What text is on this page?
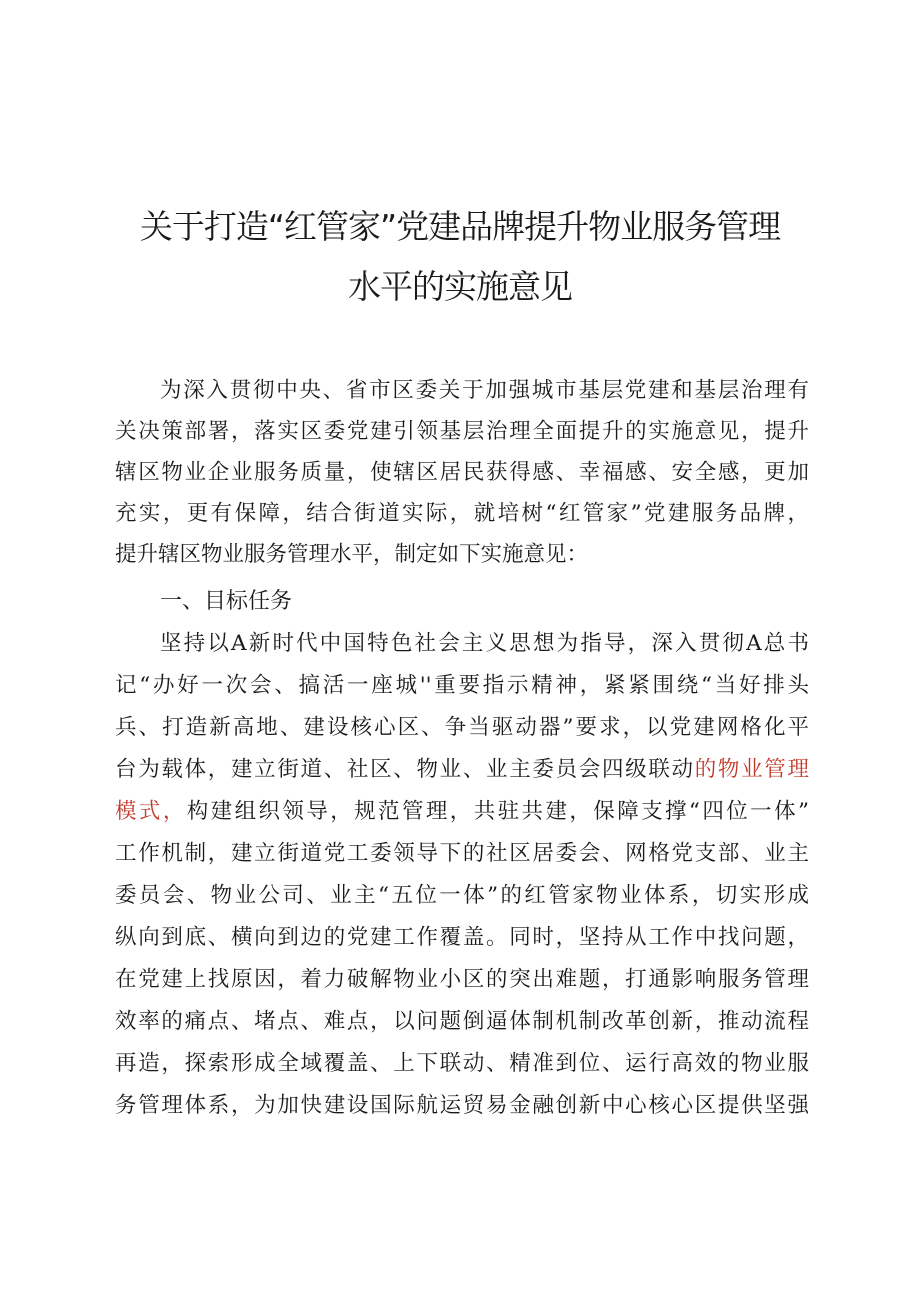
关于打造“红管家”党建品牌提升物业服务管理
水平的实施意见
为深入贯彻中央、省市区委关于加强城市基层党建和基层治理有
关决策部署，落实区委党建引领基层治理全面提升的实施意见，提升
辖区物业企业服务质量，使辖区居民获得感、幸福感、安全感，更加
充实，更有保障，结合街道实际，就培树“红管家”党建服务品牌，
提升辖区物业服务管理水平，制定如下实施意见：
一、目标任务
坚持以A新时代中国特色社会主义思想为指导，深入贯彻A总书
记“办好一次会、搞活一座城''重要指示精神，紧紧围绕“当好排头
兵、打造新高地、建设核心区、争当驱动器”要求，以党建网格化平
台为载体，建立街道、社区、物业、业主委员会四级联动的物业管理
模式，构建组织领导，规范管理，共驻共建，保障支撑“四位一体”
工作机制，建立街道党工委领导下的社区居委会、网格党支部、业主
委员会、物业公司、业主“五位一体”的红管家物业体系，切实形成
纵向到底、横向到边的党建工作覆盖。同时，坚持从工作中找问题，
在党建上找原因，着力破解物业小区的突出难题，打通影响服务管理
效率的痛点、堵点、难点，以问题倒逼体制机制改革创新，推动流程
再造，探索形成全域覆盖、上下联动、精准到位、运行高效的物业服
务管理体系，为加快建设国际航运贸易金融创新中心核心区提供坚强
